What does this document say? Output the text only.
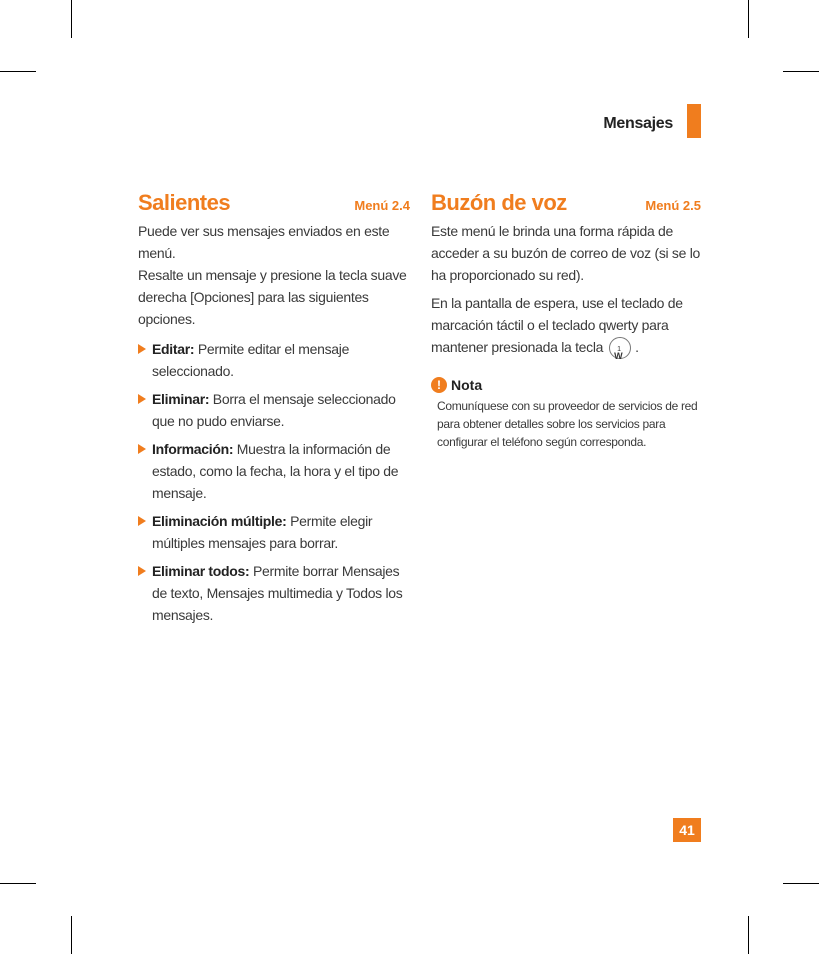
Mensajes
Salientes	Menú 2.4

Puede ver sus mensajes enviados en este menú.

Resalte un mensaje y presione la tecla suave derecha [Opciones] para las siguientes opciones.

Editar: Permite editar el mensaje seleccionado.
Eliminar: Borra el mensaje seleccionado que no pudo enviarse.
Información: Muestra la información de estado, como la fecha, la hora y el tipo de mensaje.
Eliminación múltiple: Permite elegir múltiples mensajes para borrar.
Eliminar todos: Permite borrar Mensajes de texto, Mensajes multimedia y Todos los mensajes.
Buzón de voz	Menú 2.5

Este menú le brinda una forma rápida de acceder a su buzón de correo de voz (si se lo ha proporcionado su red).

En la pantalla de espera, use el teclado de marcación táctil o el teclado qwerty para mantener presionada la teclaW 1 .

! Nota
Comuníquese con su proveedor de servicios de red para obtener detalles sobre los servicios para configurar el teléfono según corresponda.
41
